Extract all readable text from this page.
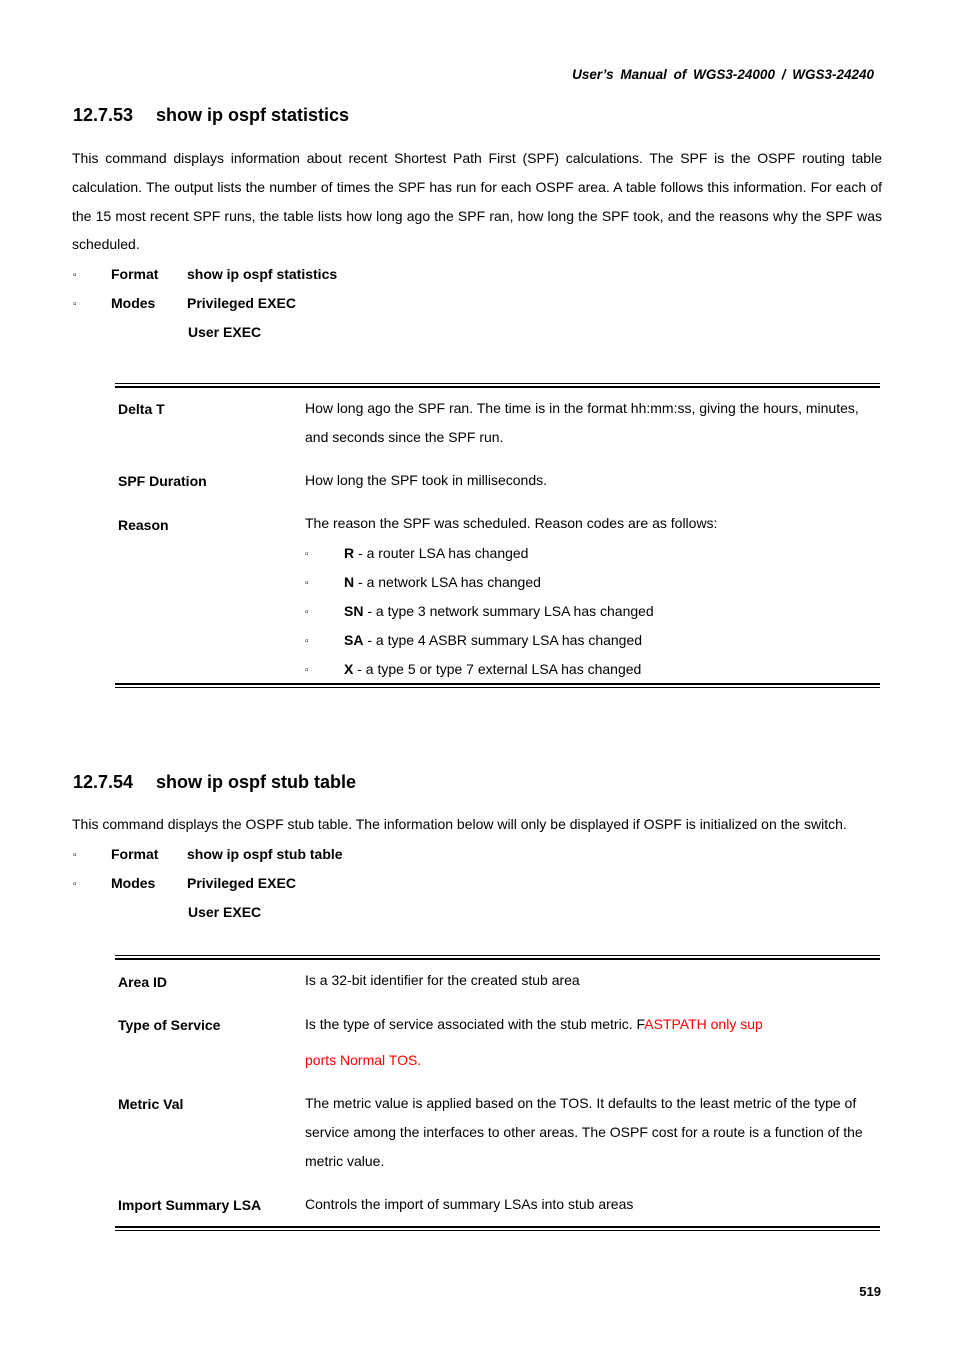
User’s Manual of WGS3-24000 / WGS3-24240
12.7.53 show ip ospf statistics
This command displays information about recent Shortest Path First (SPF) calculations. The SPF is the OSPF routing table calculation. The output lists the number of times the SPF has run for each OSPF area. A table follows this information. For each of the 15 most recent SPF runs, the table lists how long ago the SPF ran, how long the SPF took, and the reasons why the SPF was scheduled.
▫ Format show ip ospf statistics
▫ Modes Privileged EXEC
User EXEC
Delta T	How long ago the SPF ran. The time is in the format hh:mm:ss, giving the hours, minutes, and seconds since the SPF run.
SPF Duration	How long the SPF took in milliseconds.
Reason	The reason the SPF was scheduled. Reason codes are as follows:
▫	R - a router LSA has changed
▫	N - a network LSA has changed
▫	SN - a type 3 network summary LSA has changed
▫	SA - a type 4 ASBR summary LSA has changed
▫	X - a type 5 or type 7 external LSA has changed
12.7.54 show ip ospf stub table
This command displays the OSPF stub table. The information below will only be displayed if OSPF is initialized on the switch.
▫ Format show ip ospf stub table
▫ Modes Privileged EXEC
User EXEC
Area ID	Is a 32-bit identifier for the created stub area
Type of Service	Is the type of service associated with the stub metric. FASTPATH only sup
ports Normal TOS.
Metric Val	The metric value is applied based on the TOS. It defaults to the least metric of the type of service among the interfaces to other areas. The OSPF cost for a route is a function of the metric value.
Import Summary LSA	Controls the import of summary LSAs into stub areas
519
